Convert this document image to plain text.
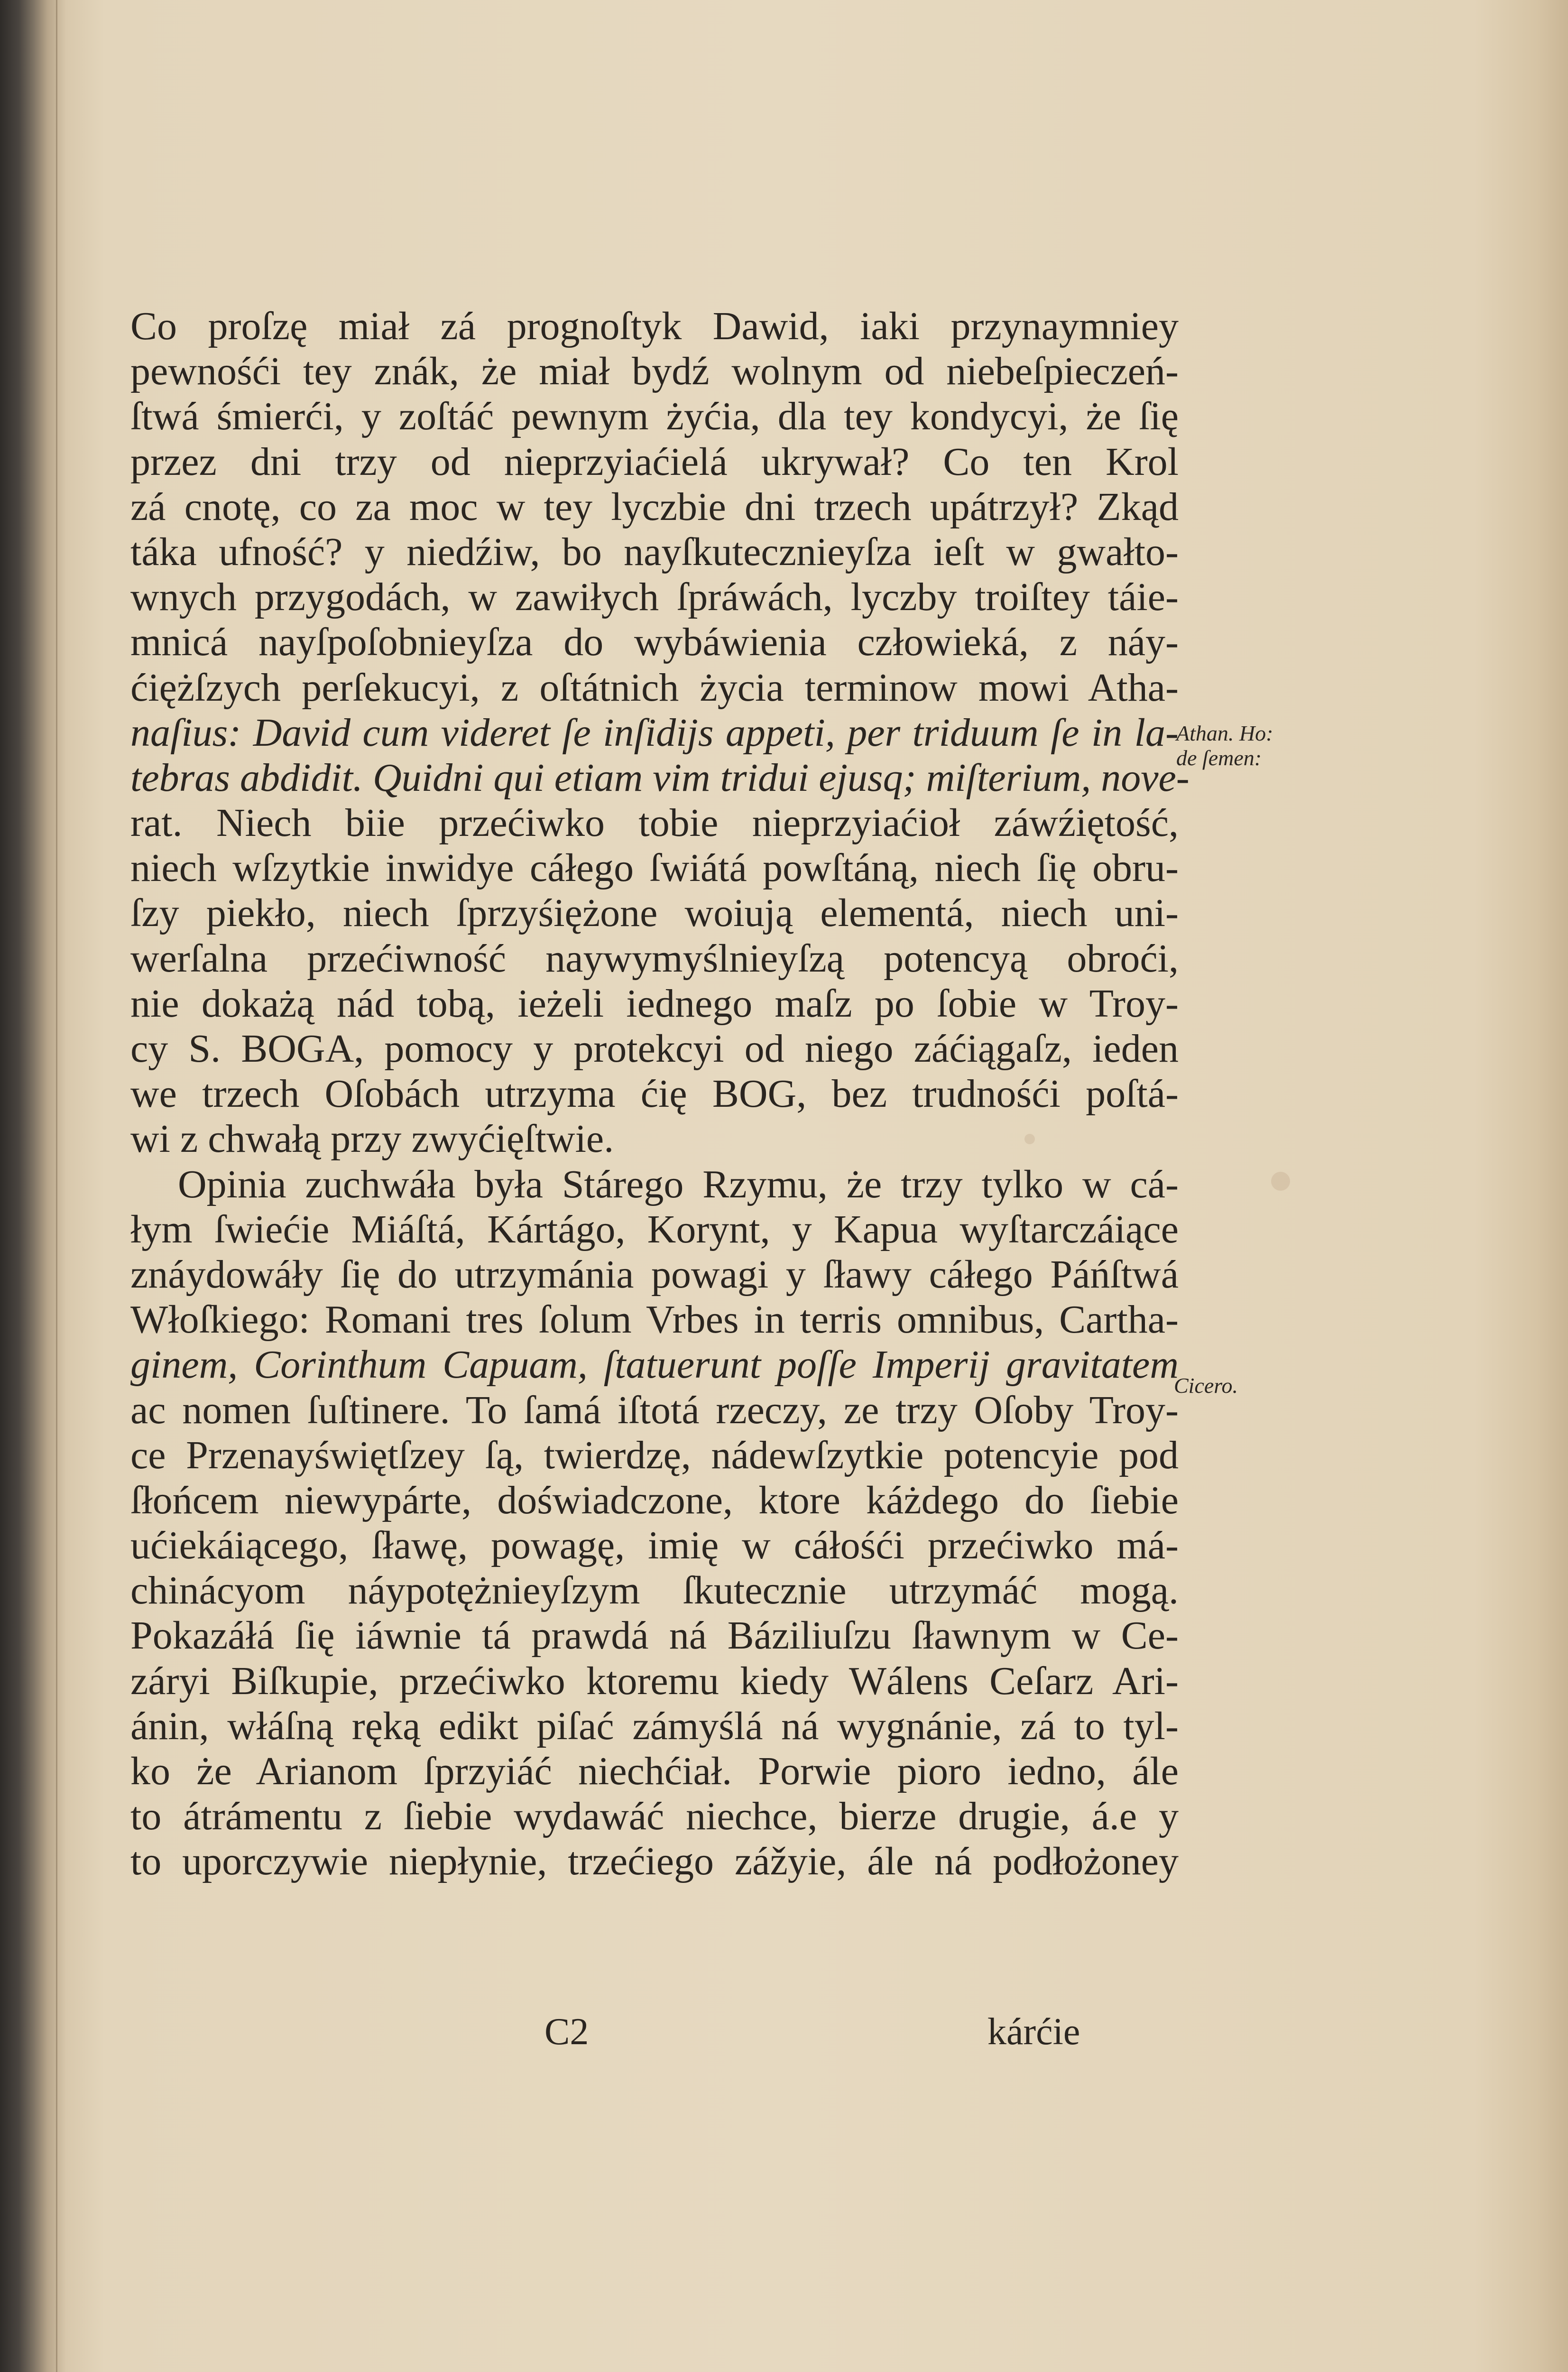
Co proſzę miał zá prognoſtyk Dawid, iaki przynaymniey
pewnośći tey znák, że miał bydź wolnym od niebeſpieczeń-
ſtwá śmierći, y zoſtáć pewnym żyćia, dla tey kondycyi, że ſię
przez dni trzy od nieprzyiaćielá ukrywał? Co ten Krol
zá cnotę, co za moc w tey lyczbie dni trzech upátrzył? Zkąd
táka ufność? y niedźiw, bo nayſkutecznieyſza ieſt w gwałto-
wnych przygodách, w zawiłych ſpráwách, lyczby troiſtey táie-
mnicá nayſpoſobnieyſza do wybáwienia człowieká, z náy-
ćiężſzych perſekucyi, z oſtátnich życia terminow mowi Atha-
naſius: David cum videret ſe inſidijs appeti, per triduum ſe in la-
tebras abdidit. Quidni qui etiam vim tridui ejusq; miſterium, nove-
rat. Niech biie przećiwko tobie nieprzyiaćioł záwźiętość,
niech wſzytkie inwidye cáłego ſwiátá powſtáną, niech ſię obru-
ſzy piekło, niech ſprzyśiężone woiują elementá, niech uni-
werſalna przećiwność naywymyślnieyſzą potencyą obroći,
nie dokażą nád tobą, ieżeli iednego maſz po ſobie w Troy-
cy S. BOGA, pomocy y protekcyi od niego záćiągaſz, ieden
we trzech Oſobách utrzyma ćię BOG, bez trudnośći poſtá-
wi z chwałą przy zwyćięſtwie.
Opinia zuchwáła była Stárego Rzymu, że trzy tylko w cá-
łym ſwiećie Miáſtá, Kártágo, Korynt, y Kapua wyſtarczáiące
znáydowáły ſię do utrzymánia powagi y ſławy cáłego Páńſtwá
Włoſkiego: Romani tres ſolum Vrbes in terris omnibus, Cartha-
ginem, Corinthum Capuam, ſtatuerunt poſſe Imperij gravitatem
ac nomen ſuſtinere. To ſamá iſtotá rzeczy, ze trzy Oſoby Troy-
ce Przenayświętſzey ſą, twierdzę, nádewſzytkie potencyie pod
ſłońcem niewypárte, doświadczone, ktore káżdego do ſiebie
ućiekáiącego, ſławę, powagę, imię w cáłośći przećiwko má-
chinácyom náypotężnieyſzym ſkutecznie utrzymáć mogą.
Pokazáłá ſię iáwnie tá prawdá ná Báziliuſzu ſławnym w Ce-
záryi Biſkupie, przećiwko ktoremu kiedy Wálens Ceſarz Ari-
ánin, włáſną ręką edikt piſać zámyślá ná wygnánie, zá to tyl-
ko że Arianom ſprzyiáć niechćiał. Porwie pioro iedno, ále
to átrámentu z ſiebie wydawáć niechce, bierze drugie, á.e y
to uporczywie niepłynie, trzećiego zážyie, ále ná podłożoney
Athan. Ho: de ſemen:
Cicero.
C2	kárćie
